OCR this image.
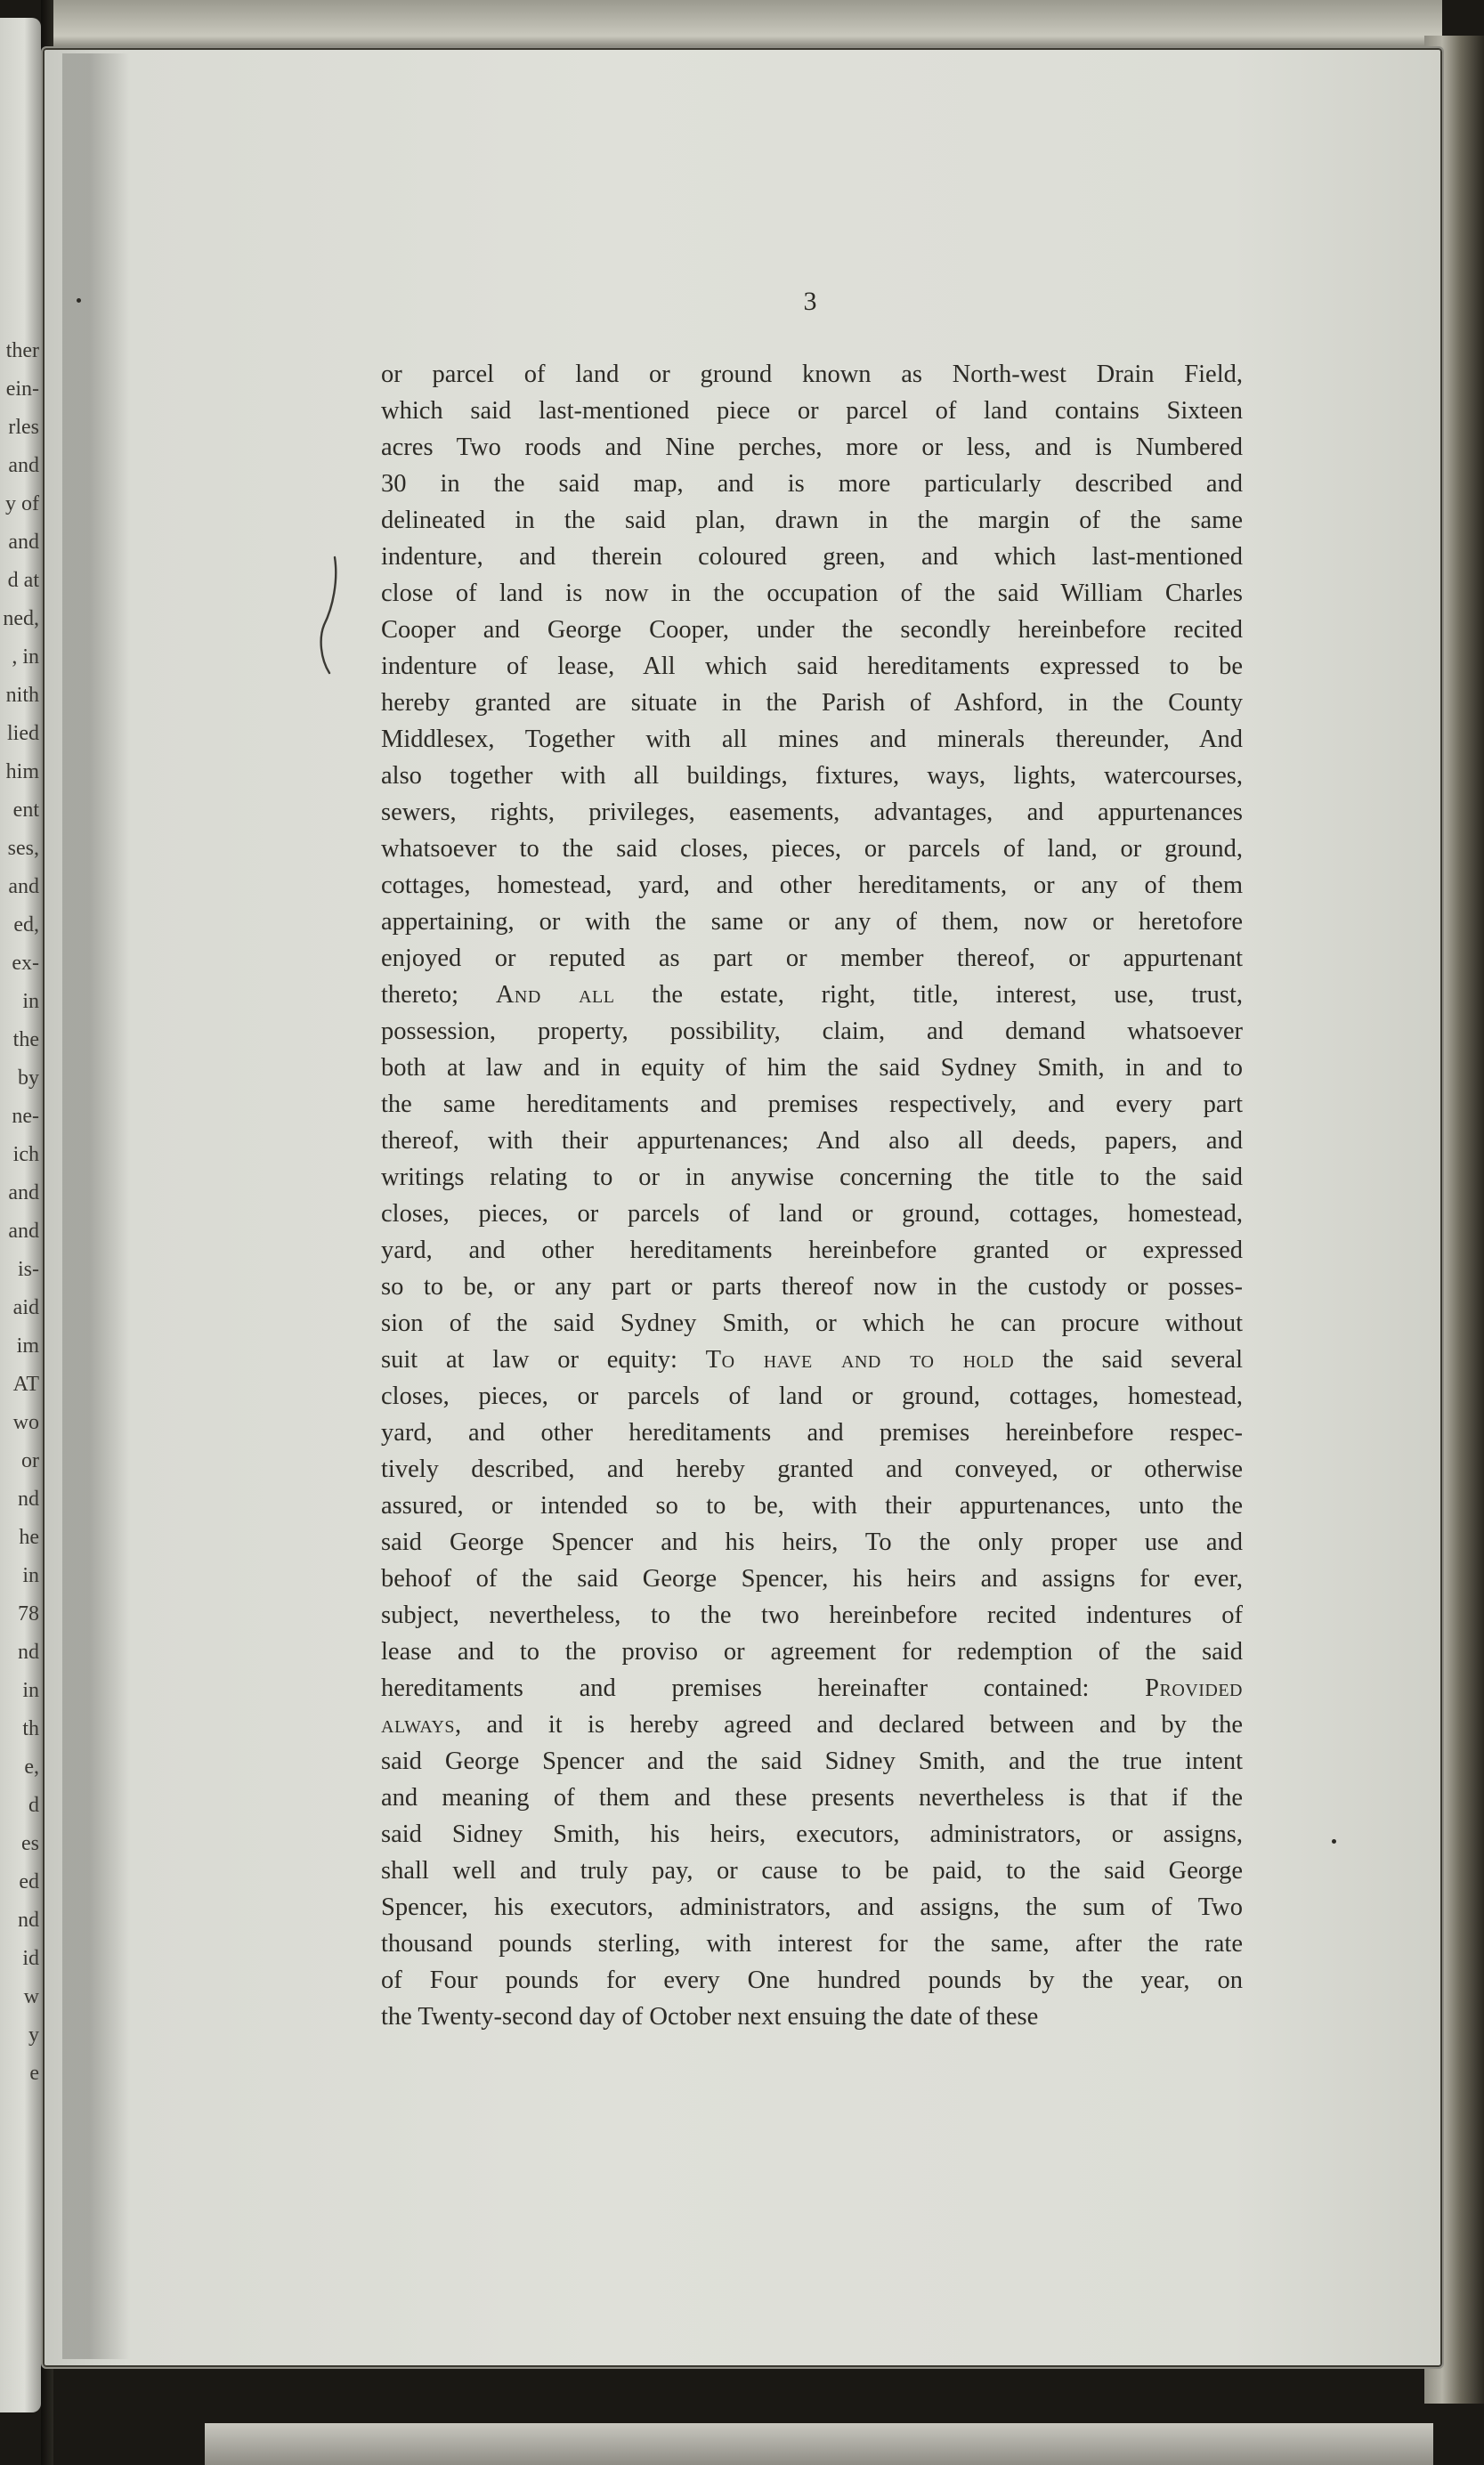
ther
ein-
rles
and
y of
and
d at
ned,
, in
nith
lied
him
ent
ses,
and
ed,
ex-
in
the
by
ne-
ich
and
and
is-
aid
im
AT
wo
or
nd
he
in
78
nd
in
th
e,
d
es
ed
nd
id
w
y
e
3
or parcel of land or ground known as North-west Drain Field,
which said last-mentioned piece or parcel of land contains Sixteen
acres Two roods and Nine perches, more or less, and is Numbered
30 in the said map, and is more particularly described and
delineated in the said plan, drawn in the margin of the same
indenture, and therein coloured green, and which last-mentioned
close of land is now in the occupation of the said William Charles
Cooper and George Cooper, under the secondly hereinbefore recited
indenture of lease, All which said hereditaments expressed to be
hereby granted are situate in the Parish of Ashford, in the County
Middlesex, Together with all mines and minerals thereunder, And
also together with all buildings, fixtures, ways, lights, watercourses,
sewers, rights, privileges, easements, advantages, and appurtenances
whatsoever to the said closes, pieces, or parcels of land, or ground,
cottages, homestead, yard, and other hereditaments, or any of them
appertaining, or with the same or any of them, now or heretofore
enjoyed or reputed as part or member thereof, or appurtenant
thereto; And all the estate, right, title, interest, use, trust,
possession, property, possibility, claim, and demand whatsoever
both at law and in equity of him the said Sydney Smith, in and to
the same hereditaments and premises respectively, and every part
thereof, with their appurtenances; And also all deeds, papers, and
writings relating to or in anywise concerning the title to the said
closes, pieces, or parcels of land or ground, cottages, homestead,
yard, and other hereditaments hereinbefore granted or expressed
so to be, or any part or parts thereof now in the custody or posses-
sion of the said Sydney Smith, or which he can procure without
suit at law or equity: To have and to hold the said several
closes, pieces, or parcels of land or ground, cottages, homestead,
yard, and other hereditaments and premises hereinbefore respec-
tively described, and hereby granted and conveyed, or otherwise
assured, or intended so to be, with their appurtenances, unto the
said George Spencer and his heirs, To the only proper use and
behoof of the said George Spencer, his heirs and assigns for ever,
subject, nevertheless, to the two hereinbefore recited indentures of
lease and to the proviso or agreement for redemption of the said
hereditaments and premises hereinafter contained: Provided
always, and it is hereby agreed and declared between and by the
said George Spencer and the said Sidney Smith, and the true intent
and meaning of them and these presents nevertheless is that if the
said Sidney Smith, his heirs, executors, administrators, or assigns,
shall well and truly pay, or cause to be paid, to the said George
Spencer, his executors, administrators, and assigns, the sum of Two
thousand pounds sterling, with interest for the same, after the rate
of Four pounds for every One hundred pounds by the year, on
the Twenty-second day of October next ensuing the date of these
